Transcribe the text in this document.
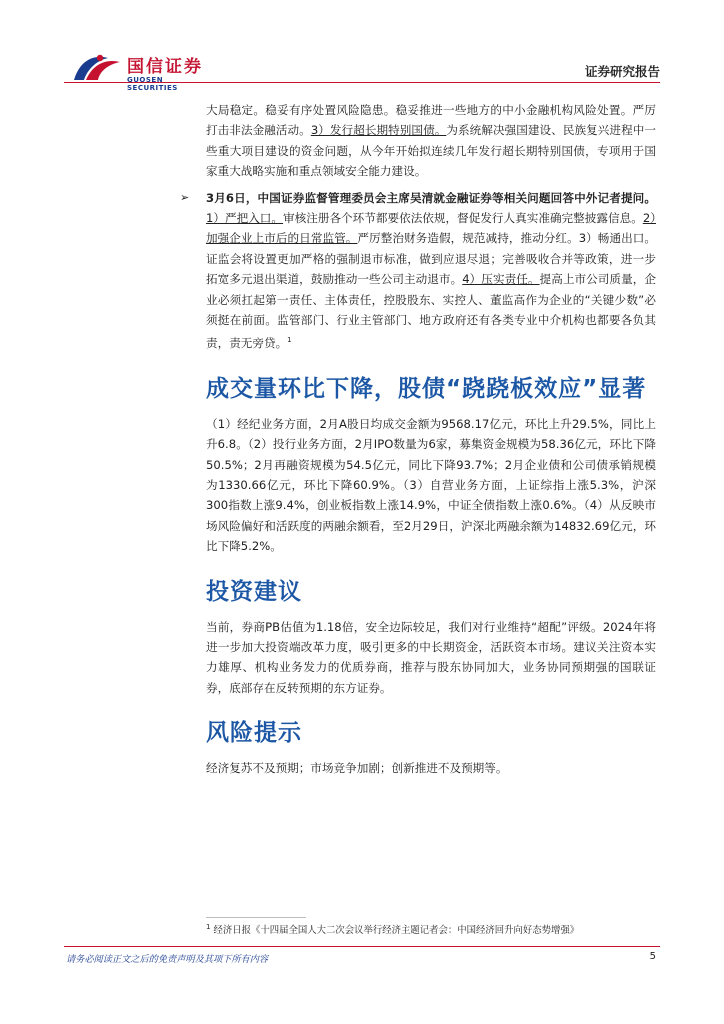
国信证券
GUOSEN SECURITIES
证券研究报告

大局稳定。稳妥有序处置风险隐患。稳妥推进一些地方的中小金融机构风险处置。严厉打击非法金融活动。3）发行超长期特别国债。为系统解决强国建设、民族复兴进程中一些重大项目建设的资金问题，从今年开始拟连续几年发行超长期特别国债，专项用于国家重大战略实施和重点领域安全能力建设。

➢ 3月6日，中国证券监督管理委员会主席吴清就金融证券等相关问题回答中外记者提问。1）严把入口。审核注册各个环节都要依法依规，督促发行人真实准确完整披露信息。2）加强企业上市后的日常监管。严厉整治财务造假，规范减持，推动分红。3）畅通出口。证监会将设置更加严格的强制退市标准，做到应退尽退；完善吸收合并等政策，进一步拓宽多元退出渠道，鼓励推动一些公司主动退市。4）压实责任。提高上市公司质量，企业必须扛起第一责任、主体责任，控股股东、实控人、董监高作为企业的“关键少数”必须挺在前面。监管部门、行业主管部门、地方政府还有各类专业中介机构也都要各负其责，责无旁贷。$^1$

成交量环比下降，股债“跷跷板效应”显著

（1）经纪业务方面，2月A股日均成交金额为9568.17亿元，环比上升29.5%，同比上升6.8。（2）投行业务方面，2月IPO数量为6家，募集资金规模为58.36亿元，环比下降50.5%；2月再融资规模为54.5亿元，同比下降93.7%；2月企业债和公司债承销规模为1330.66亿元，环比下降60.9%。（3）自营业务方面，上证综指上涨5.3%，沪深300指数上涨9.4%，创业板指数上涨14.9%，中证全债指数上涨0.6%。（4）从反映市场风险偏好和活跃度的两融余额看，至2月29日，沪深北两融余额为14832.69亿元，环比下降5.2%。

投资建议

当前，券商PB估值为1.18倍，安全边际较足，我们对行业维持“超配”评级。2024年将进一步加大投资端改革力度，吸引更多的中长期资金，活跃资本市场。建议关注资本实力雄厚、机构业务发力的优质券商，推荐与股东协同加大，业务协同预期强的国联证券，底部存在反转预期的东方证券。

风险提示

经济复苏不及预期；市场竞争加剧；创新推进不及预期等。

$^1$ 经济日报《十四届全国人大二次会议举行经济主题记者会：中国经济回升向好态势增强》
请务必阅读正文之后的免责声明及其项下所有内容	5
